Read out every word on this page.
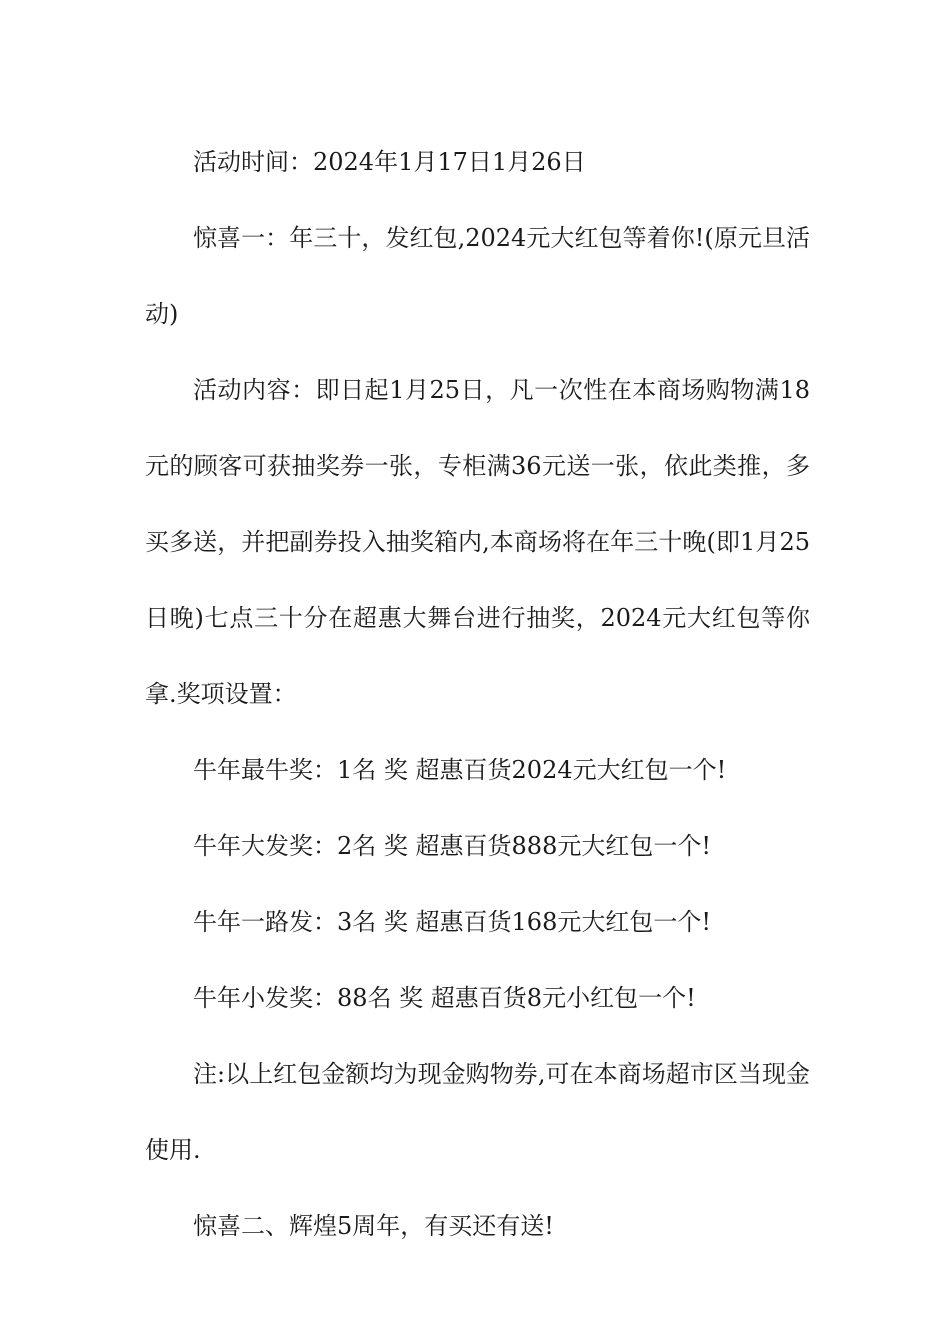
活动时间：2024年1月17日1月26日

惊喜一：年三十，发红包,2024元大红包等着你!(原元旦活动)

活动内容：即日起1月25日，凡一次性在本商场购物满18元的顾客可获抽奖券一张，专柜满36元送一张，依此类推，多买多送，并把副券投入抽奖箱内,本商场将在年三十晚(即1月25日晚)七点三十分在超惠大舞台进行抽奖，2024元大红包等你拿.奖项设置：

牛年最牛奖：1名 奖 超惠百货2024元大红包一个!

牛年大发奖：2名 奖 超惠百货888元大红包一个!

牛年一路发：3名 奖 超惠百货168元大红包一个!

牛年小发奖：88名 奖 超惠百货8元小红包一个!

注:以上红包金额均为现金购物券,可在本商场超市区当现金使用.

惊喜二、辉煌5周年，有买还有送!
